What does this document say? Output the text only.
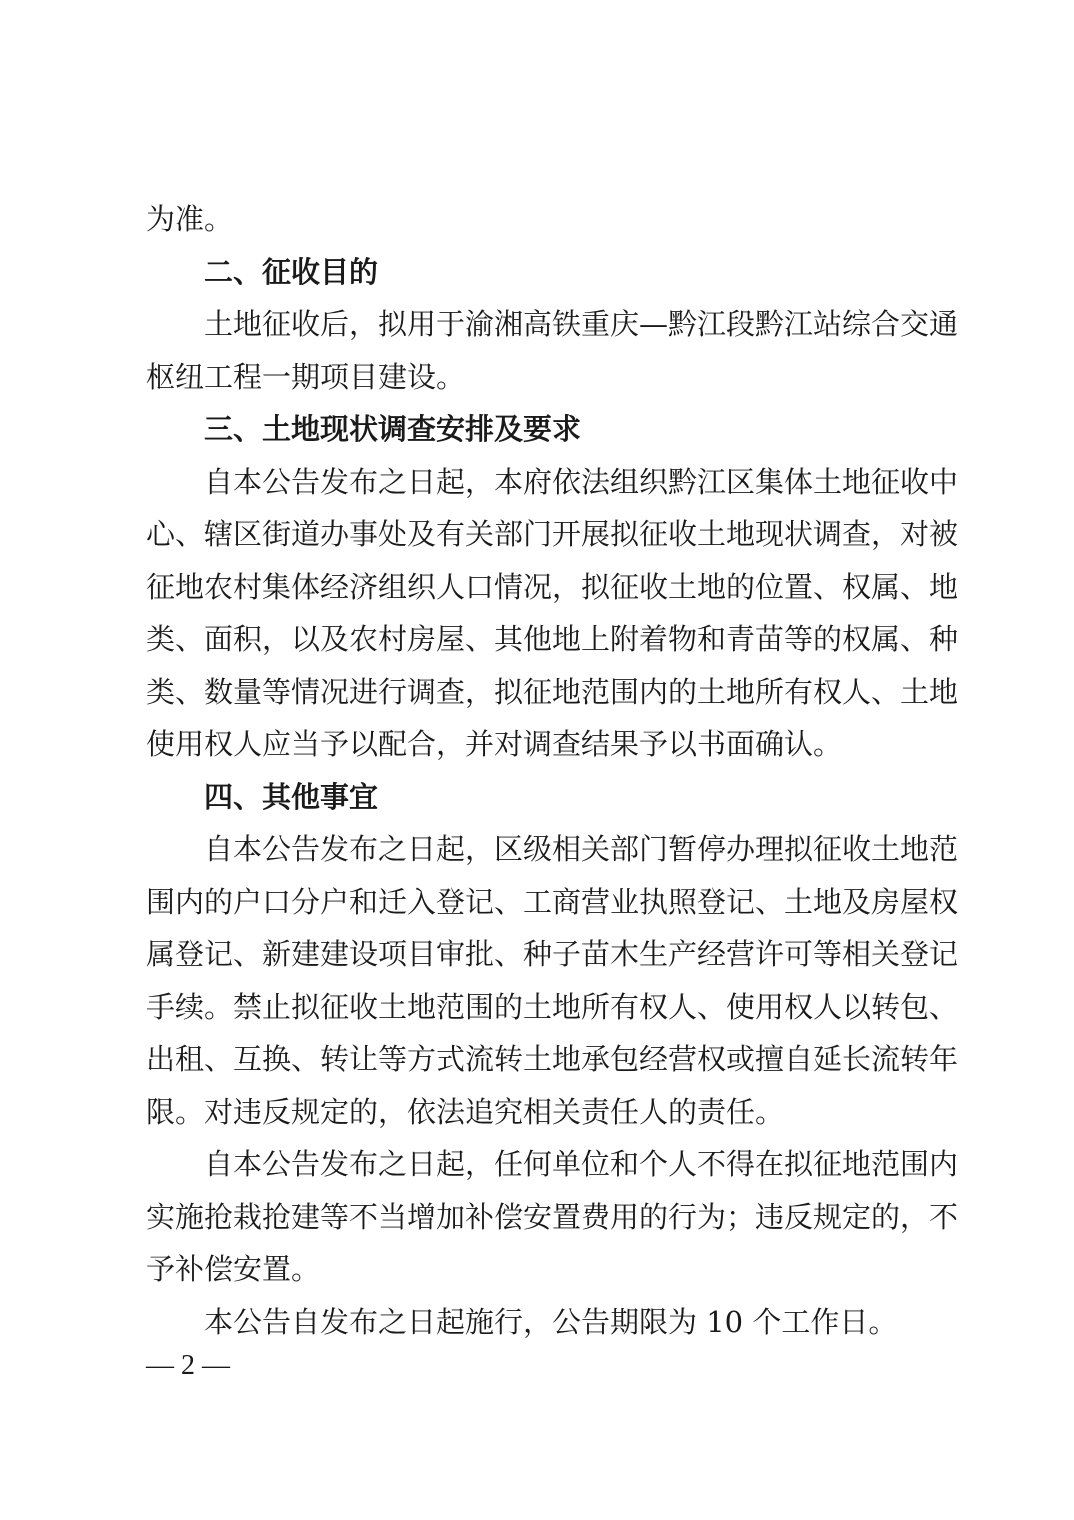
为准。
二、征收目的
土地征收后，拟用于渝湘高铁重庆—黔江段黔江站综合交通
枢纽工程一期项目建设。
三、土地现状调查安排及要求
自本公告发布之日起，本府依法组织黔江区集体土地征收中
心、辖区街道办事处及有关部门开展拟征收土地现状调查，对被
征地农村集体经济组织人口情况，拟征收土地的位置、权属、地
类、面积，以及农村房屋、其他地上附着物和青苗等的权属、种
类、数量等情况进行调查，拟征地范围内的土地所有权人、土地
使用权人应当予以配合，并对调查结果予以书面确认。
四、其他事宜
自本公告发布之日起，区级相关部门暂停办理拟征收土地范
围内的户口分户和迁入登记、工商营业执照登记、土地及房屋权
属登记、新建建设项目审批、种子苗木生产经营许可等相关登记
手续。禁止拟征收土地范围的土地所有权人、使用权人以转包、
出租、互换、转让等方式流转土地承包经营权或擅自延长流转年
限。对违反规定的，依法追究相关责任人的责任。
自本公告发布之日起，任何单位和个人不得在拟征地范围内
实施抢栽抢建等不当增加补偿安置费用的行为；违反规定的，不
予补偿安置。
本公告自发布之日起施行，公告期限为 10 个工作日。
— 2 —
